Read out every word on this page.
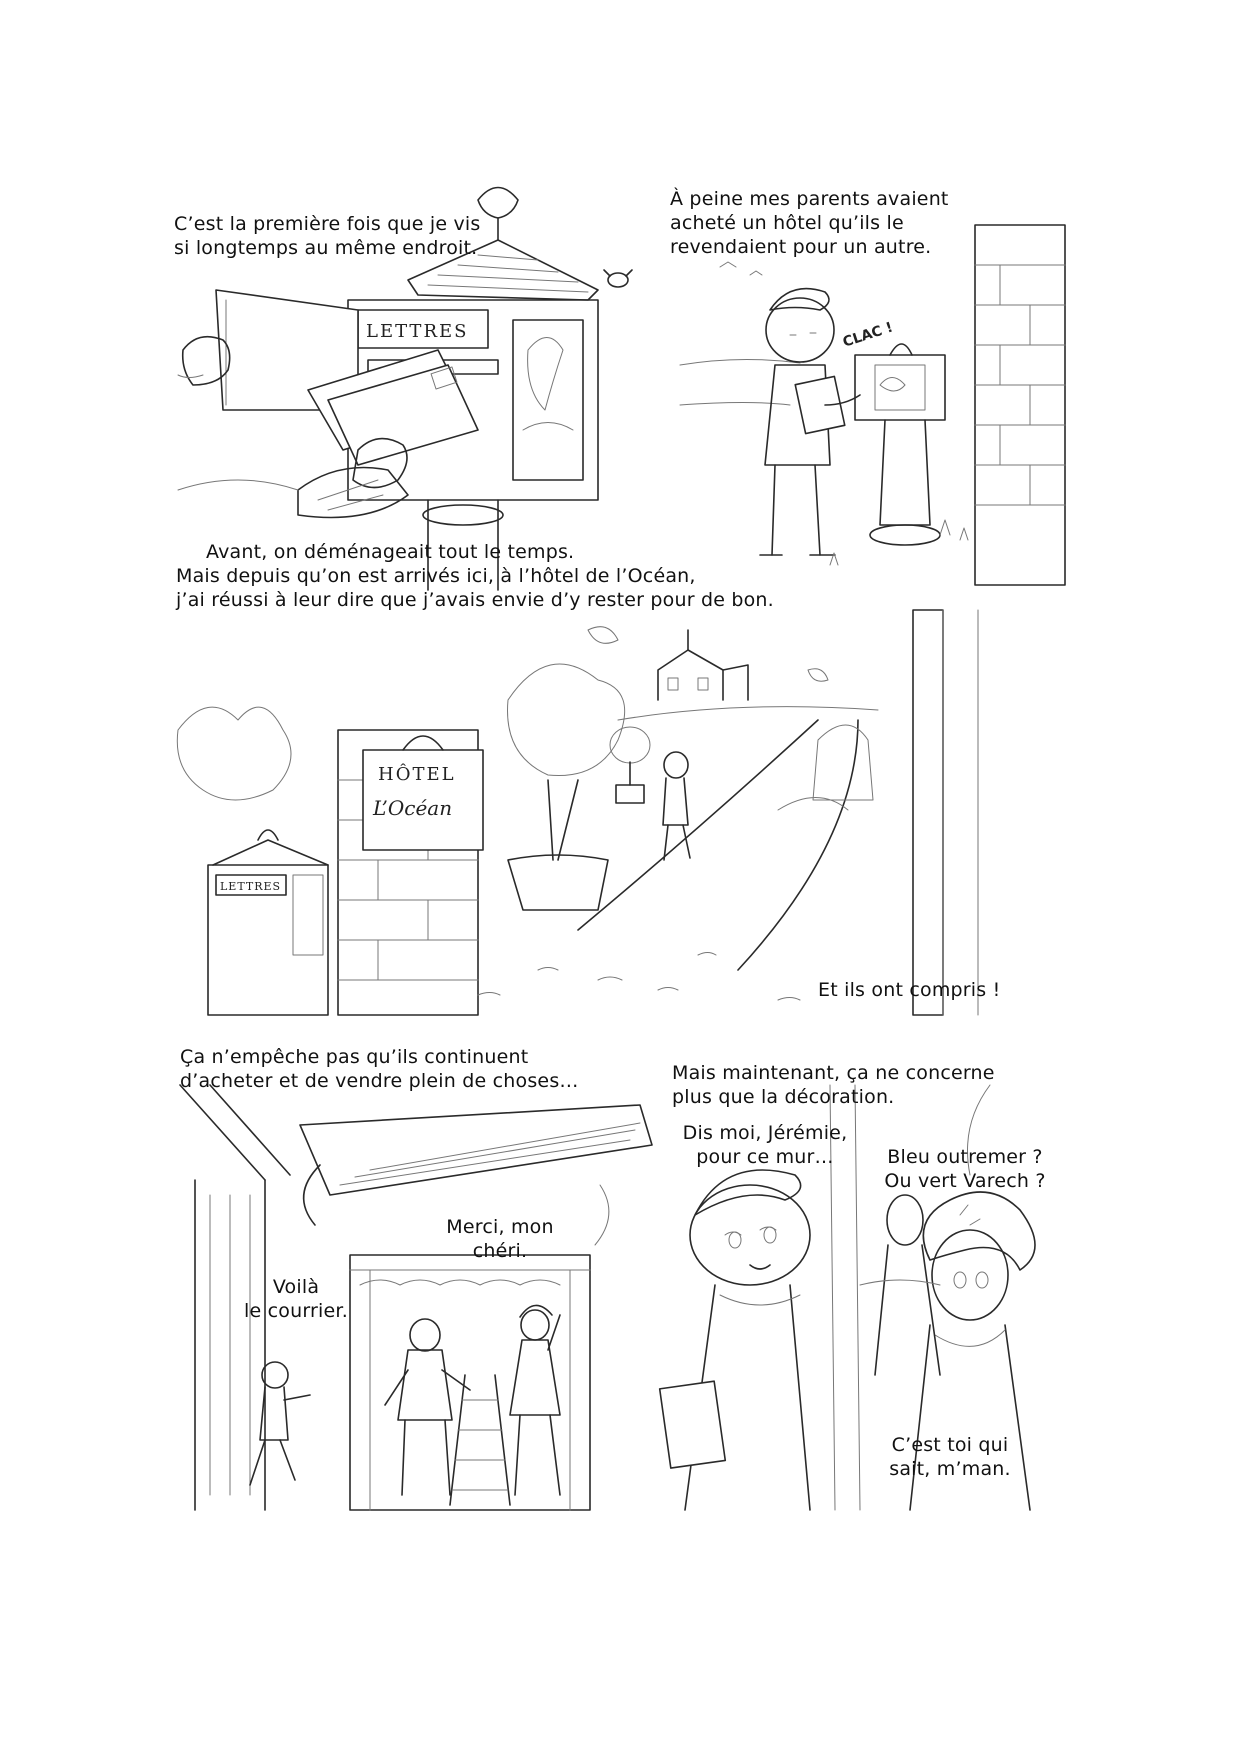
LETTRES
C’est la première fois que je vis
si longtemps au même endroit.
Avant, on déménageait tout le temps.
CLAC !
À peine mes parents avaient
acheté un hôtel qu’ils le
revendaient pour un autre.
HÔTEL
L’Océan
LETTRES
Mais depuis qu’on est arrivés ici, à l’hôtel de l’Océan,
j’ai réussi à leur dire que j’avais envie d’y rester pour de bon.
Et ils ont compris !
Ça n’empêche pas qu’ils continuent
d’acheter et de vendre plein de choses…
Merci, mon chéri.
Voilà
le courrier.
Mais maintenant, ça ne concerne
plus que la décoration.
Dis moi, Jérémie,
pour ce mur…	Bleu outremer ?
Ou vert Varech ?
C’est toi qui
sait, m’man.
